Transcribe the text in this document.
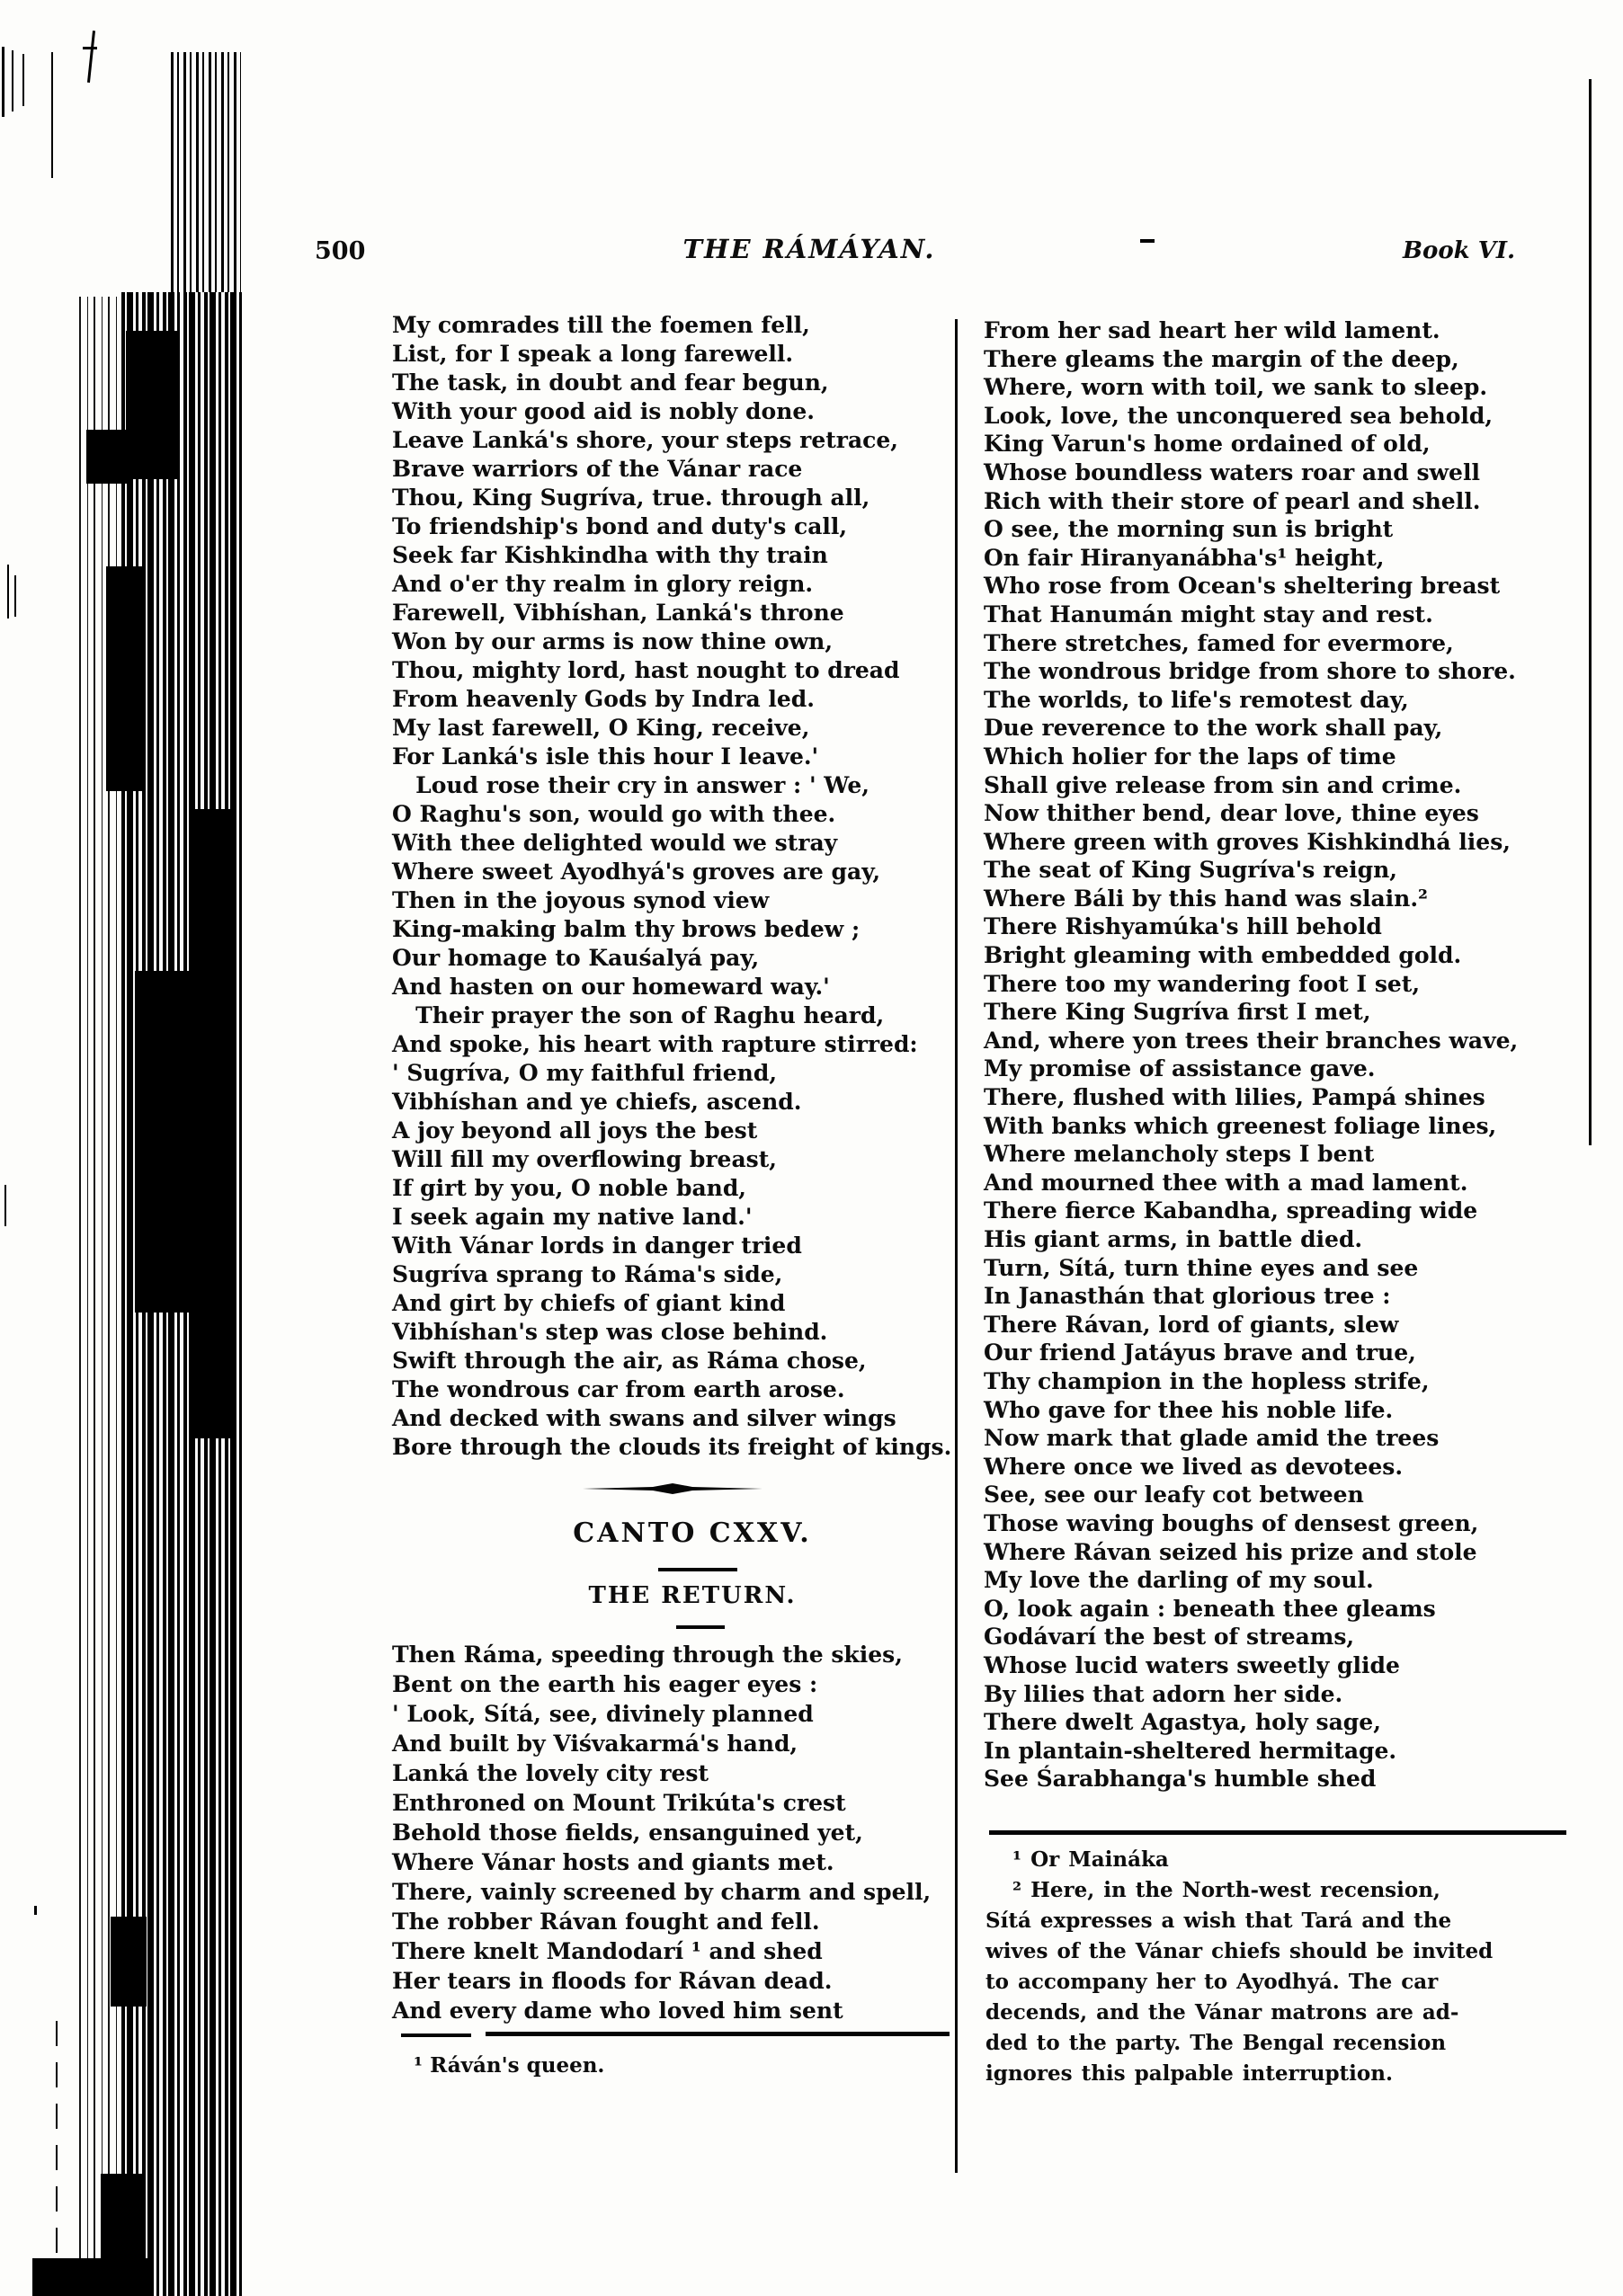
500	THE RÁMÁYAN.	Book VI.
My comrades till the foemen fell,
List, for I speak a long farewell.
The task, in doubt and fear begun,
With your good aid is nobly done.
Leave Lanká's shore, your steps retrace,
Brave warriors of the Vánar race
Thou, King Sugríva, true. through all,
To friendship's bond and duty's call,
Seek far Kishkindha with thy train
And o'er thy realm in glory reign.
Farewell, Vibhíshan, Lanká's throne
Won by our arms is now thine own,
Thou, mighty lord, hast nought to dread
From heavenly Gods by Indra led.
My last farewell, O King, receive,
For Lanká's isle this hour I leave.'
Loud rose their cry in answer : ' We,
O Raghu's son, would go with thee.
With thee delighted would we stray
Where sweet Ayodhyá's groves are gay,
Then in the joyous synod view
King-making balm thy brows bedew ;
Our homage to Kauśalyá pay,
And hasten on our homeward way.'
Their prayer the son of Raghu heard,
And spoke, his heart with rapture stirred:
' Sugríva, O my faithful friend,
Vibhíshan and ye chiefs, ascend.
A joy beyond all joys the best
Will fill my overflowing breast,
If girt by you, O noble band,
I seek again my native land.'
With Vánar lords in danger tried
Sugríva sprang to Ráma's side,
And girt by chiefs of giant kind
Vibhíshan's step was close behind.
Swift through the air, as Ráma chose,
The wondrous car from earth arose.
And decked with swans and silver wings
Bore through the clouds its freight of kings.
CANTO CXXV.
THE RETURN.
Then Ráma, speeding through the skies,
Bent on the earth his eager eyes :
' Look, Sítá, see, divinely planned
And built by Viśvakarmá's hand,
Lanká the lovely city rest
Enthroned on Mount Trikúta's crest
Behold those fields, ensanguined yet,
Where Vánar hosts and giants met.
There, vainly screened by charm and spell,
The robber Rávan fought and fell.
There knelt Mandodarí ¹ and shed
Her tears in floods for Rávan dead.
And every dame who loved him sent
¹ Ráván's queen.
From her sad heart her wild lament.
There gleams the margin of the deep,
Where, worn with toil, we sank to sleep.
Look, love, the unconquered sea behold,
King Varun's home ordained of old,
Whose boundless waters roar and swell
Rich with their store of pearl and shell.
O see, the morning sun is bright
On fair Hiranyanábha's¹ height,
Who rose from Ocean's sheltering breast
That Hanumán might stay and rest.
There stretches, famed for evermore,
The wondrous bridge from shore to shore.
The worlds, to life's remotest day,
Due reverence to the work shall pay,
Which holier for the laps of time
Shall give release from sin and crime.
Now thither bend, dear love, thine eyes
Where green with groves Kishkindhá lies,
The seat of King Sugríva's reign,
Where Báli by this hand was slain.²
There Rishyamúka's hill behold
Bright gleaming with embedded gold.
There too my wandering foot I set,
There King Sugríva first I met,
And, where yon trees their branches wave,
My promise of assistance gave.
There, flushed with lilies, Pampá shines
With banks which greenest foliage lines,
Where melancholy steps I bent
And mourned thee with a mad lament.
There fierce Kabandha, spreading wide
His giant arms, in battle died.
Turn, Sítá, turn thine eyes and see
In Janasthán that glorious tree :
There Rávan, lord of giants, slew
Our friend Jatáyus brave and true,
Thy champion in the hopless strife,
Who gave for thee his noble life.
Now mark that glade amid the trees
Where once we lived as devotees.
See, see our leafy cot between
Those waving boughs of densest green,
Where Rávan seized his prize and stole
My love the darling of my soul.
O, look again : beneath thee gleams
Godávarí the best of streams,
Whose lucid waters sweetly glide
By lilies that adorn her side.
There dwelt Agastya, holy sage,
In plantain-sheltered hermitage.
See Śarabhanga's humble shed
¹ Or Maináka
² Here, in the North-west recension,
Sítá expresses a wish that Tará and the
wives of the Vánar chiefs should be invited
to accompany her to Ayodhyá. The car
decends, and the Vánar matrons are ad-
ded to the party. The Bengal recension
ignores this palpable interruption.
